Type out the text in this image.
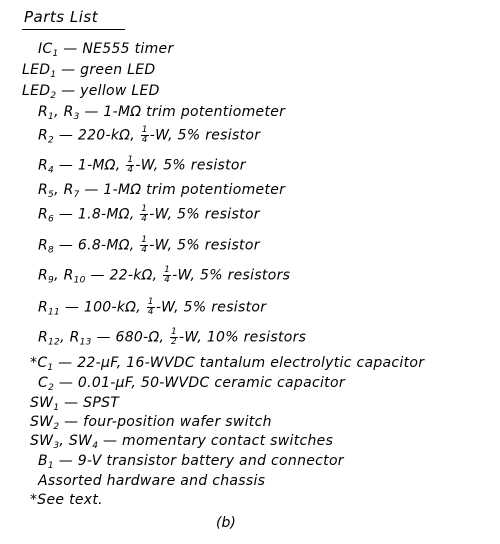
Parts List
$IC_1$ — NE555 timer
$LED_1$ — green LED
$LED_2$ — yellow LED
$R_1$, $R_3$ — 1-MΩ trim potentiometer
$R_2$ — 220-kΩ, $\frac{1}{4} -W$, 5% resistor
$R_4$ — 1-MΩ, $\frac{1}{4} -W$, 5% resistor
$R_5$, $R_7$ — 1-MΩ trim potentiometer
$R_6$ — 1.8-MΩ, $\frac{1}{4} -W$, 5% resistor
$R_8$ — 6.8-MΩ, $\frac{1}{4} -W$, 5% resistor
$R_9$, $R_{10}$ — 22-kΩ, $\frac{1}{4} -W$, 5% resistors
$R_{11}$ — 100-kΩ, $\frac{1}{4} -W$, 5% resistor
$R_{12}$, $R_{13}$ — 680-Ω, $\frac{1}{2} -W$, 10% resistors
$*C_1$ — 22-μF, 16-WVDC tantalum electrolytic capacitor
$C_2$ — 0.01-μF, 50-WVDC ceramic capacitor
$SW_1$ — SPST
$SW_2$ — four-position wafer switch
$SW_3$, $SW_4$ — momentary contact switches
$B_1$ — 9-V transistor battery and connector
Assorted hardware and chassis
*See text.
(b)
